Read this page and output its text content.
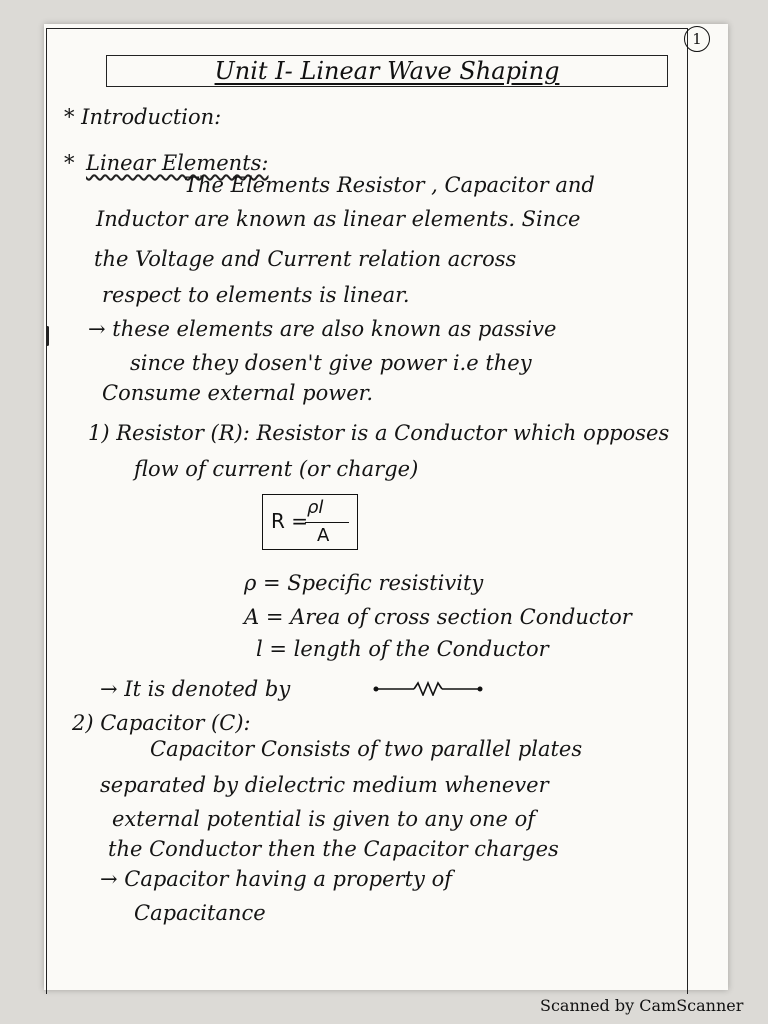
1
Unit I- Linear Wave Shaping
* Introduction:
* Linear Elements:
The Elements Resistor , Capacitor and
Inductor are known as linear elements. Since
the Voltage and Current relation across
respect to elements is linear.
→ these elements are also known as passive
since they dosen't give power i.e they
Consume external power.
1) Resistor (R): Resistor is a Conductor which opposes
flow of current (or charge)
R =
ρl
A
ρ = Specific resistivity
A = Area of cross section Conductor
l = length of the Conductor
→ It is denoted by
2) Capacitor (C):
Capacitor Consists of two parallel plates
separated by dielectric medium whenever
external potential is given to any one of
the Conductor then the Capacitor charges
→ Capacitor having a property of
Capacitance
Scanned by CamScanner
